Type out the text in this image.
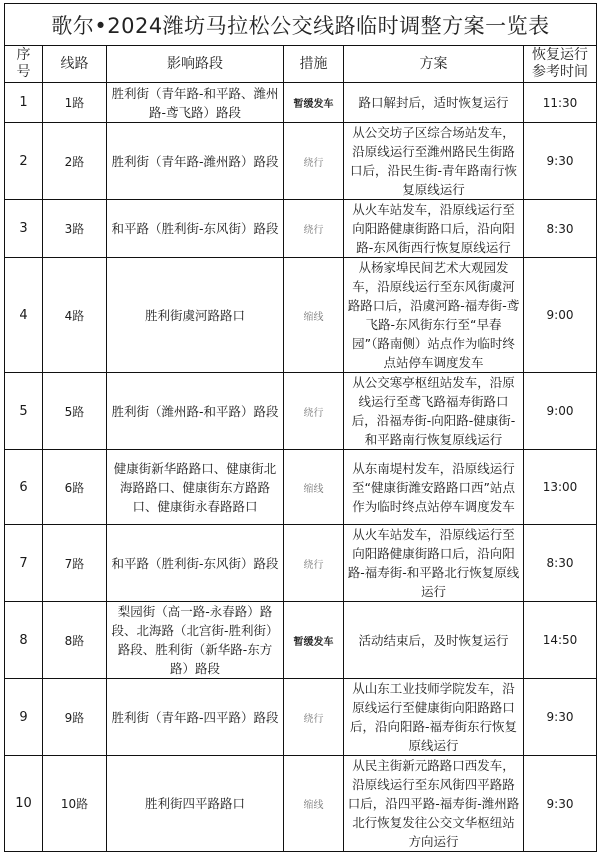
歌尔•2024潍坊马拉松公交线路临时调整方案一览表					
序号	线路	影响路段	措施	方案	恢复运行参考时间
1	1路	胜利街（青年路-和平路、潍州路-鸢飞路）路段	暂缓发车	路口解封后，适时恢复运行	11:30
2	2路	胜利街（青年路-潍州路）路段	绕行	从公交坊子区综合场站发车，沿原线运行至潍州路民生街路口后，沿民生街-青年路南行恢复原线运行	9:30
3	3路	和平路（胜利街-东风街）路段	绕行	从火车站发车，沿原线运行至向阳路健康街路口后，沿向阳路-东风街西行恢复原线运行	8:30
4	4路	胜利街虞河路路口	缩线	从杨家埠民间艺术大观园发车，沿原线运行至东风街虞河路路口后，沿虞河路-福寿街-鸢飞路-东风街东行至“早春园”（路南侧）站点作为临时终点站停车调度发车	9:00
5	5路	胜利街（潍州路-和平路）路段	绕行	从公交寒亭枢纽站发车，沿原线运行至鸢飞路福寿街路口后，沿福寿街-向阳路-健康街-和平路南行恢复原线运行	9:00
6	6路	健康街新华路路口、健康街北海路路口、健康街东方路路口、健康街永春路路口	缩线	从东南堤村发车，沿原线运行至“健康街潍安路路口西”站点作为临时终点站停车调度发车	13:00
7	7路	和平路（胜利街-东风街）路段	绕行	从火车站发车，沿原线运行至向阳路健康街路口后，沿向阳路-福寿街-和平路北行恢复原线运行	8:30
8	8路	梨园街（高一路-永春路）路段、北海路（北宫街-胜利街）路段、胜利街（新华路-东方路）路段	暂缓发车	活动结束后，及时恢复运行	14:50
9	9路	胜利街（青年路-四平路）路段	绕行	从山东工业技师学院发车，沿原线运行至健康街向阳路路口后，沿向阳路-福寿街东行恢复原线运行	9:30
10	10路	胜利街四平路路口	缩线	从民主街新元路路口西发车，沿原线运行至东风街四平路路口后，沿四平路-福寿街-潍州路北行恢复发往公交文华枢纽站方向运行	9:30
